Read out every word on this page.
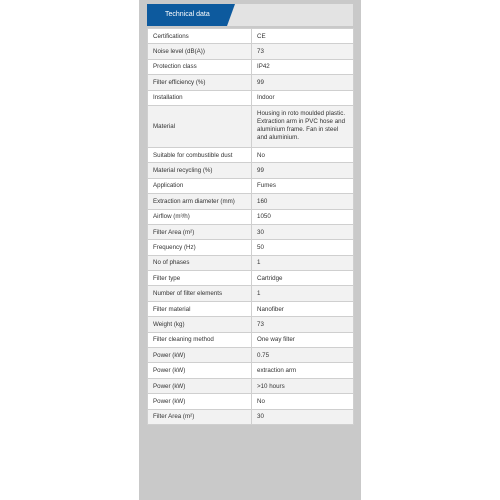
Technical data
Certifications	CE
Noise level (dB(A))	73
Protection class	IP42
Filter efficiency (%)	99
Installation	Indoor
Material	Housing in roto moulded plastic. Extraction arm in PVC hose and aluminium frame. Fan in steel and aluminium.
Suitable for combustible dust	No
Material recycling (%)	99
Application	Fumes
Extraction arm diameter (mm)	160
Airflow (m³/h)	1050
Filter Area (m²)	30
Frequency (Hz)	50
No of phases	1
Filter type	Cartridge
Number of filter elements	1
Filter material	Nanofiber
Weight (kg)	73
Filter cleaning method	One way filter
Power (kW)	0.75
Power (kW)	extraction arm
Power (kW)	>10 hours
Power (kW)	No
Filter Area (m²)	30
